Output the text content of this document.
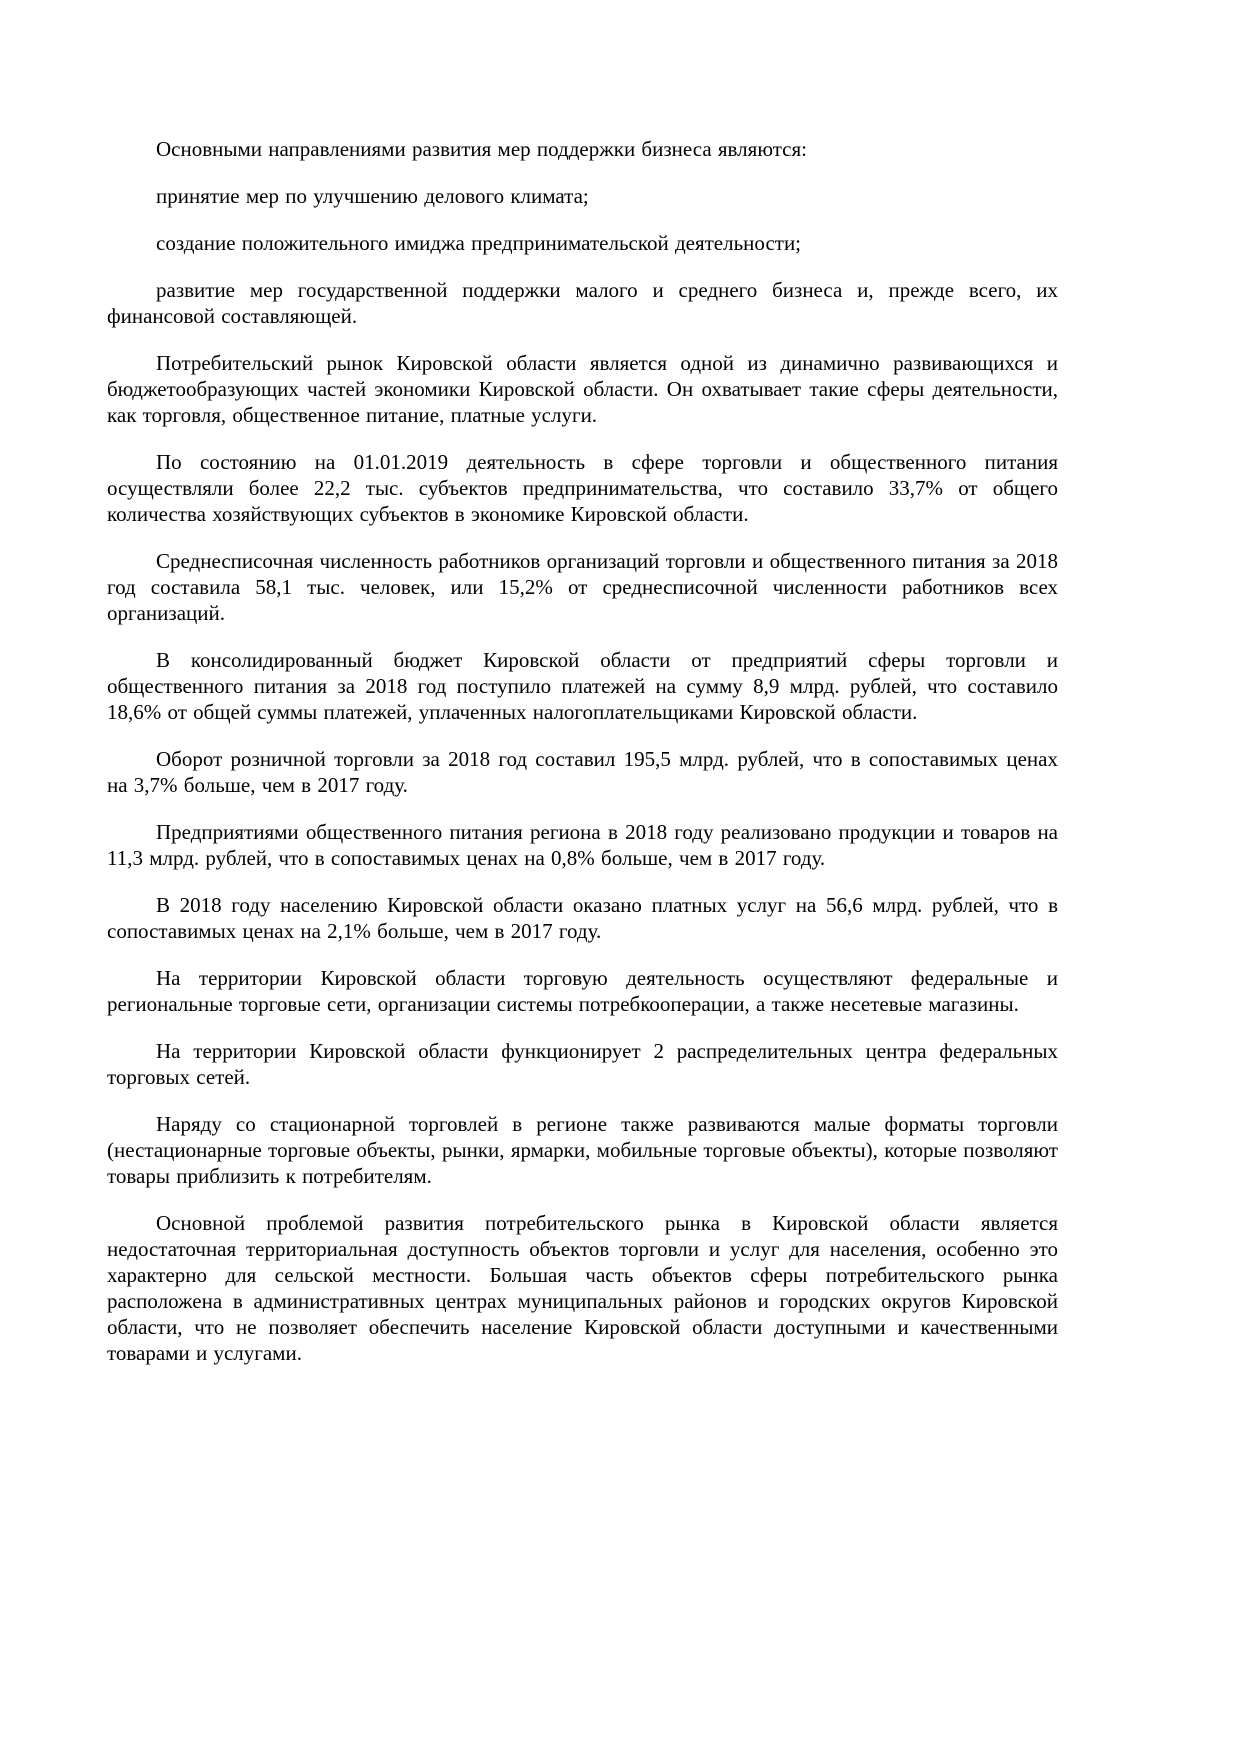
Основными направлениями развития мер поддержки бизнеса являются:

принятие мер по улучшению делового климата;

создание положительного имиджа предпринимательской деятельности;

развитие мер государственной поддержки малого и среднего бизнеса и, прежде всего, их финансовой составляющей.

Потребительский рынок Кировской области является одной из динамично развивающихся и бюджетообразующих частей экономики Кировской области. Он охватывает такие сферы деятельности, как торговля, общественное питание, платные услуги.

По состоянию на 01.01.2019 деятельность в сфере торговли и общественного питания осуществляли более 22,2 тыс. субъектов предпринимательства, что составило 33,7% от общего количества хозяйствующих субъектов в экономике Кировской области.

Среднесписочная численность работников организаций торговли и общественного питания за 2018 год составила 58,1 тыс. человек, или 15,2% от среднесписочной численности работников всех организаций.

В консолидированный бюджет Кировской области от предприятий сферы торговли и общественного питания за 2018 год поступило платежей на сумму 8,9 млрд. рублей, что составило 18,6% от общей суммы платежей, уплаченных налогоплательщиками Кировской области.

Оборот розничной торговли за 2018 год составил 195,5 млрд. рублей, что в сопоставимых ценах на 3,7% больше, чем в 2017 году.

Предприятиями общественного питания региона в 2018 году реализовано продукции и товаров на 11,3 млрд. рублей, что в сопоставимых ценах на 0,8% больше, чем в 2017 году.

В 2018 году населению Кировской области оказано платных услуг на 56,6 млрд. рублей, что в сопоставимых ценах на 2,1% больше, чем в 2017 году.

На территории Кировской области торговую деятельность осуществляют федеральные и региональные торговые сети, организации системы потребкооперации, а также несетевые магазины.

На территории Кировской области функционирует 2 распределительных центра федеральных торговых сетей.

Наряду со стационарной торговлей в регионе также развиваются малые форматы торговли (нестационарные торговые объекты, рынки, ярмарки, мобильные торговые объекты), которые позволяют товары приблизить к потребителям.

Основной проблемой развития потребительского рынка в Кировской области является недостаточная территориальная доступность объектов торговли и услуг для населения, особенно это характерно для сельской местности. Большая часть объектов сферы потребительского рынка расположена в административных центрах муниципальных районов и городских округов Кировской области, что не позволяет обеспечить население Кировской области доступными и качественными товарами и услугами.
